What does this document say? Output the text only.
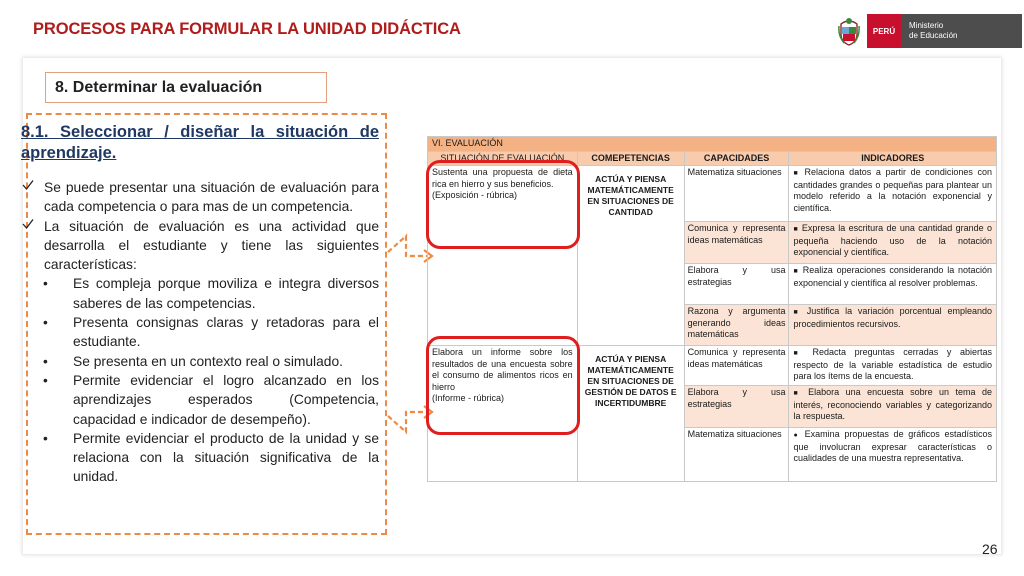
PROCESOS PARA FORMULAR LA UNIDAD DIDÁCTICA	PERÚ
Ministerio
de Educación
8. Determinar la evaluación
8.1. Seleccionar / diseñar la situación de aprendizaje.
Se puede presentar una situación de evaluación para cada competencia o para mas de un competencia.
La situación de evaluación es una actividad que desarrolla el estudiante y tiene las siguientes características:
• Es compleja porque moviliza e integra diversos saberes de las competencias.
• Presenta consignas claras y retadoras para el estudiante.
• Se presenta en un contexto real o simulado.
• Permite evidenciar el logro alcanzado en los aprendizajes esperados (Competencia, capacidad e indicador de desempeño).
• Permite evidenciar el producto de la unidad y se relaciona con la situación significativa de la unidad.
VI. EVALUACIÓN			
SITUACIÓN DE EVALUACIÓN	COMEPETENCIAS	CAPACIDADES	INDICADORES

Sustenta una propuesta de dieta rica en hierro y sus beneficios.
(Exposición - rúbrica)	ACTÚA Y PIENSA MATEMÁTICAMENTE EN SITUACIONES DE CANTIDAD	Matematiza situaciones	■ Relaciona datos a partir de condiciones con cantidades grandes o pequeñas para plantear un modelo referido a la notación exponencial y científica.
		Comunica y representa ideas matemáticas	■ Expresa la escritura de una cantidad grande o pequeña haciendo uso de la notación exponencial y científica.
		Elabora y usa estrategias	■ Realiza operaciones considerando la notación exponencial y científica al resolver problemas.
		Razona y argumenta generando ideas matemáticas	■ Justifica la variación porcentual empleando procedimientos recursivos.

Elabora un informe sobre los resultados de una encuesta sobre el consumo de alimentos ricos en hierro
(Informe - rúbrica)	ACTÚA Y PIENSA MATEMÁTICAMENTE EN SITUACIONES DE GESTIÓN DE DATOS E INCERTIDUMBRE	Comunica y representa ideas matemáticas	■ Redacta preguntas cerradas y abiertas respecto de la variable estadística de estudio para los ítems de la encuesta.
		Elabora y usa estrategias	■ Elabora una encuesta sobre un tema de interés, reconociendo variables y categorizando la respuesta.
		Matematiza situaciones	● Examina propuestas de gráficos estadísticos que involucran expresar características o cualidades de una muestra representativa.
26
